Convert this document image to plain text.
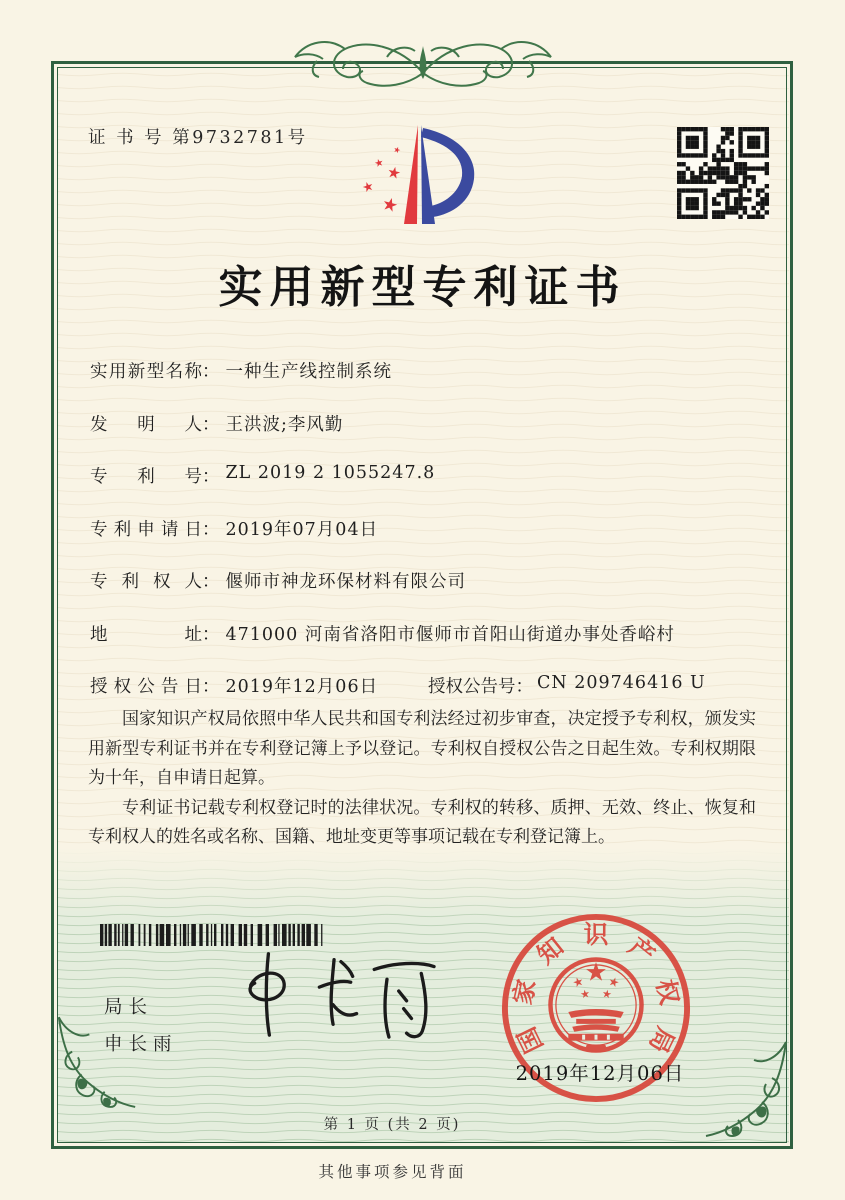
证 书 号 第9732781号
实用新型专利证书
实用新型名称： 一种生产线控制系统
发明人： 王洪波;李风勤
专利号： ZL 2019 2 1055247.8
专利申请日： 2019年07月04日
专利权人： 偃师市神龙环保材料有限公司
地址： 471000 河南省洛阳市偃师市首阳山街道办事处香峪村
授权公告日： 2019年12月06日	授权公告号： CN 209746416 U

国家知识产权局依照中华人民共和国专利法经过初步审查，决定授予专利权，颁发实用新型专利证书并在专利登记簿上予以登记。专利权自授权公告之日起生效。专利权期限为十年，自申请日起算。

专利证书记载专利权登记时的法律状况。专利权的转移、质押、无效、终止、恢复和专利权人的姓名或名称、国籍、地址变更等事项记载在专利登记簿上。

局长
申长雨	国
家
知 识 产
权
局
2019年12月06日
第 1 页 (共 2 页)
其他事项参见背面
